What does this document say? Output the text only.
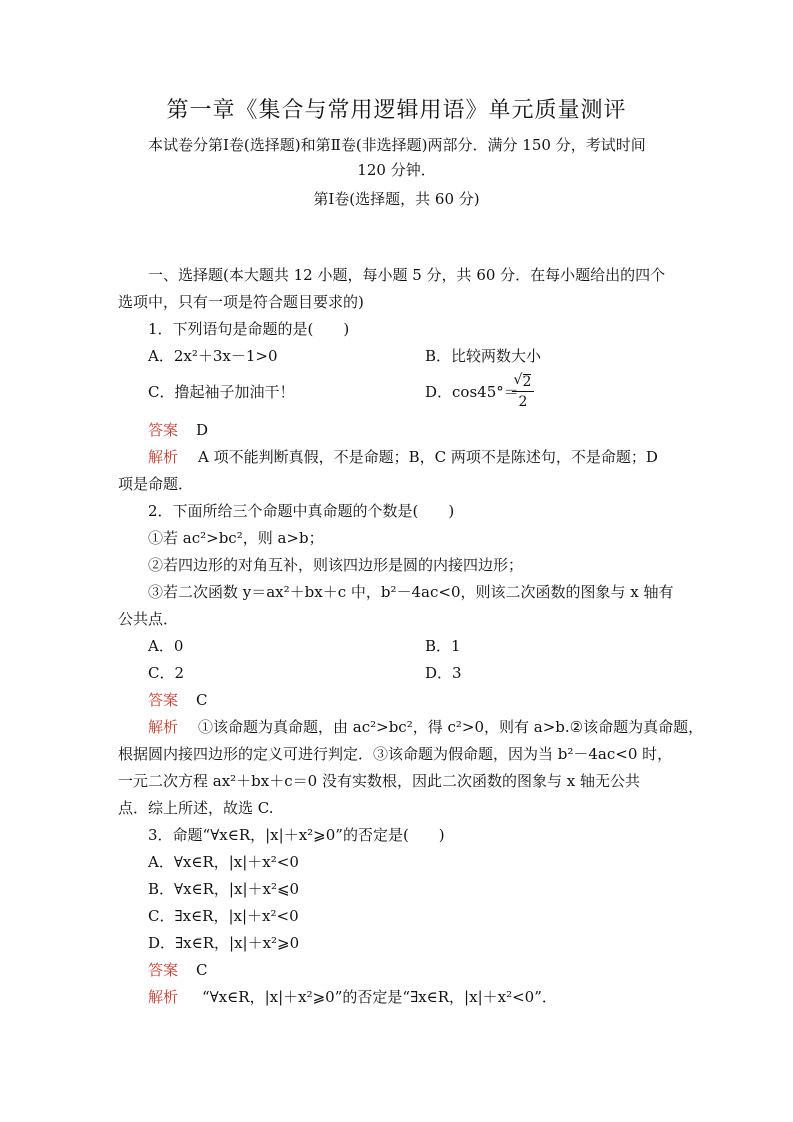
第一章《集合与常用逻辑用语》单元质量测评
本试卷分第Ⅰ卷(选择题)和第Ⅱ卷(非选择题)两部分．满分 150 分，考试时间
120 分钟．
第Ⅰ卷(选择题，共 60 分)
一、选择题(本大题共 12 小题，每小题 5 分，共 60 分．在每小题给出的四个
选项中，只有一项是符合题目要求的)
1．下列语句是命题的是(　　)
A．2x²＋3x－1>0	B．比较两数大小
C．撸起袖子加油干！	D．cos45°＝
√ $\frac{2}{2}$
答案 D
解析 A 项不能判断真假，不是命题；B，C 两项不是陈述句，不是命题；D
项是命题．
2．下面所给三个命题中真命题的个数是(　　)
①若 ac²>bc²，则 a>b；
②若四边形的对角互补，则该四边形是圆的内接四边形；
③若二次函数 y＝ax²＋bx＋c 中，b²－4ac<0，则该二次函数的图象与 x 轴有
公共点．
A．0	B．1
C．2	D．3
答案 C
解析 ①该命题为真命题，由 ac²>bc²，得 c²>0，则有 a>b.②该命题为真命题，
根据圆内接四边形的定义可进行判定．③该命题为假命题，因为当 b²－4ac<0 时，
一元二次方程 ax²＋bx＋c＝0 没有实数根，因此二次函数的图象与 x 轴无公共
点．综上所述，故选 C.
3．命题“∀x∈R，|x|＋x²⩾0”的否定是(　　)
A．∀x∈R，|x|＋x²<0
B．∀x∈R，|x|＋x²⩽0
C．∃x∈R，|x|＋x²<0
D．∃x∈R，|x|＋x²⩾0
答案 C
解析 “∀x∈R，|x|＋x²⩾0”的否定是“∃x∈R，|x|＋x²<0”．
